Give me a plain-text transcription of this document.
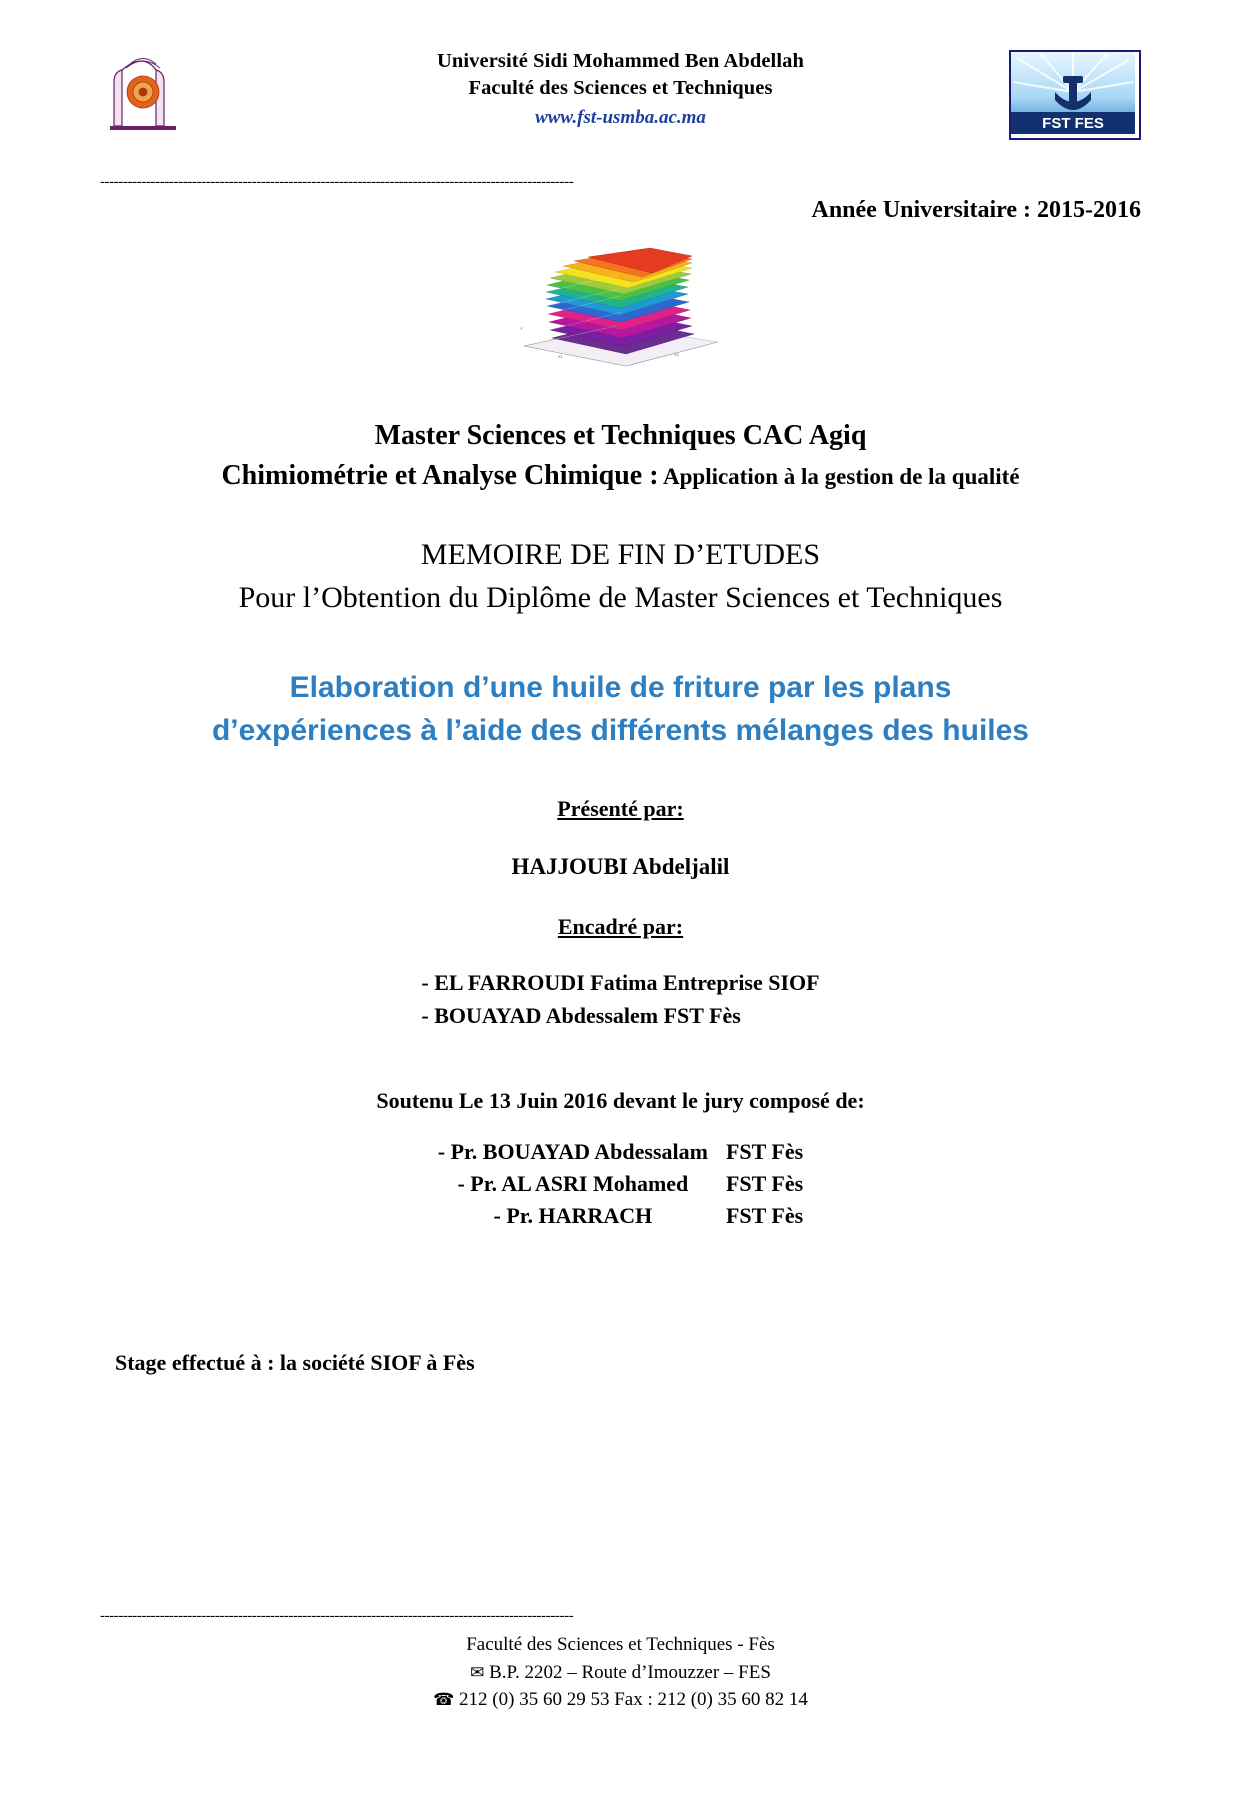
Université Sidi Mohammed Ben Abdellah
Faculté des Sciences et Techniques
www.fst-usmba.ac.ma	FST FES
-------------------------------------------------------------------------------------------------------
Année Universitaire : 2015-2016
X1	X2
Y
Master Sciences et Techniques CAC Agiq
Chimiométrie et Analyse Chimique : Application à la gestion de la qualité
MEMOIRE DE FIN D’ETUDES
Pour l’Obtention du Diplôme de Master Sciences et Techniques
Elaboration d’une huile de friture par les plans
d’expériences à l’aide des différents mélanges des huiles
Présenté par:
HAJJOUBI Abdeljalil
Encadré par:
- EL FARROUDI Fatima Entreprise SIOF
- BOUAYAD Abdessalem FST Fès
Soutenu Le 13 Juin 2016 devant le jury composé de:
- Pr. BOUAYAD Abdessalam	FST Fès
- Pr. AL ASRI Mohamed	FST Fès
- Pr. HARRACH	FST Fès
Stage effectué à : la société SIOF à Fès
-------------------------------------------------------------------------------------------------------
Faculté des Sciences et Techniques - Fès
✉ B.P. 2202 – Route d’Imouzzer – FES
☎ 212 (0) 35 60 29 53 Fax : 212 (0) 35 60 82 14
